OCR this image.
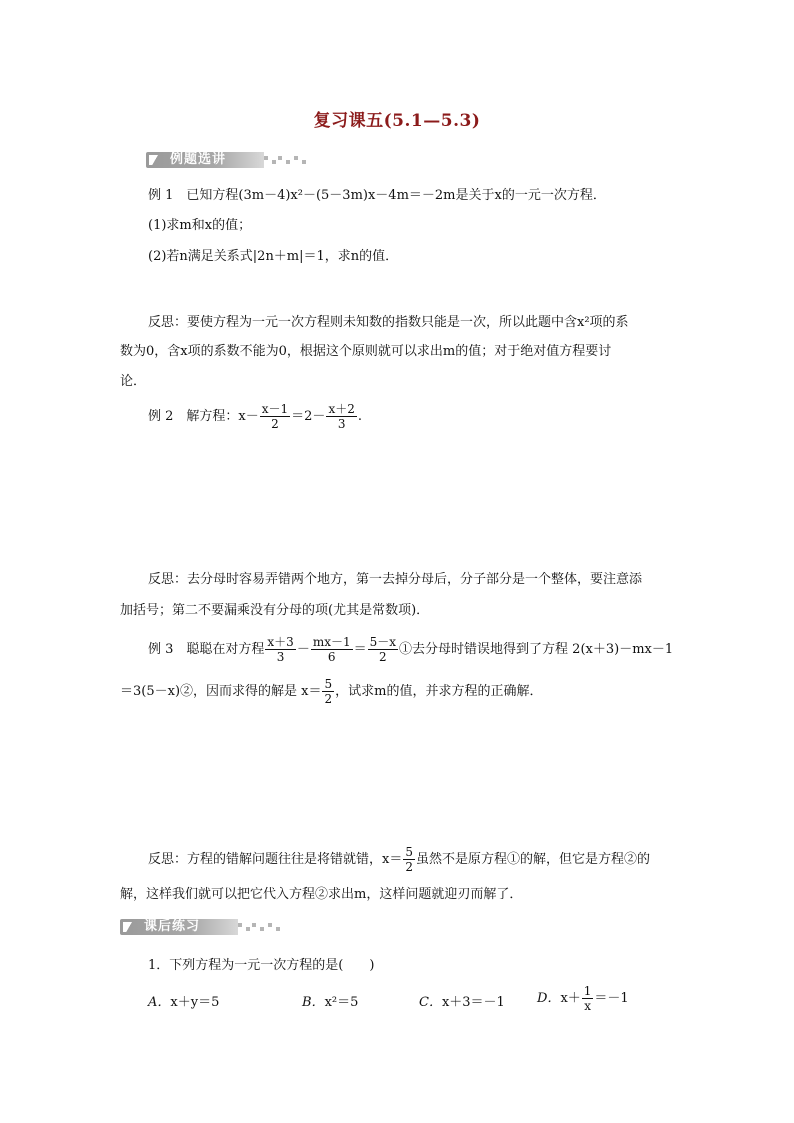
复习课五(5.1—5.3)
例题选讲
例 1　已知方程(3m－4)x²－(5－3m)x－4m＝－2m是关于x的一元一次方程．
(1)求m和x的值；
(2)若n满足关系式|2n＋m|＝1，求n的值．
反思：要使方程为一元一次方程则未知数的指数只能是一次，所以此题中含x²项的系
数为0，含x项的系数不能为0，根据这个原则就可以求出m的值；对于绝对值方程要讨
论．
例 2　解方程：$x- \frac{x-1}{2} =2- \frac{x+2}{3}$ .
反思：去分母时容易弄错两个地方，第一去掉分母后，分子部分是一个整体，要注意添
加括号；第二不要漏乘没有分母的项(尤其是常数项)．
例 3　聪聪在对方程 $\frac{x+3}{3} - \frac{mx-1}{6} = \frac{5-x}{2}$ ①去分母时错误地得到了方程 2(x＋3)－mx－1
＝3(5－x)②，因而求得的解是 $x= \frac{5}{2}$ ，试求m的值，并求方程的正确解．
反思：方程的错解问题往往是将错就错，$x= \frac{5}{2}$ 虽然不是原方程①的解，但它是方程②的
解，这样我们就可以把它代入方程②求出m，这样问题就迎刃而解了．
课后练习
1．下列方程为一元一次方程的是(　　)
A．x＋y＝5	B．x²＝5	C．x＋3＝－1 D．$x+ \frac{1}{x} =-1$
